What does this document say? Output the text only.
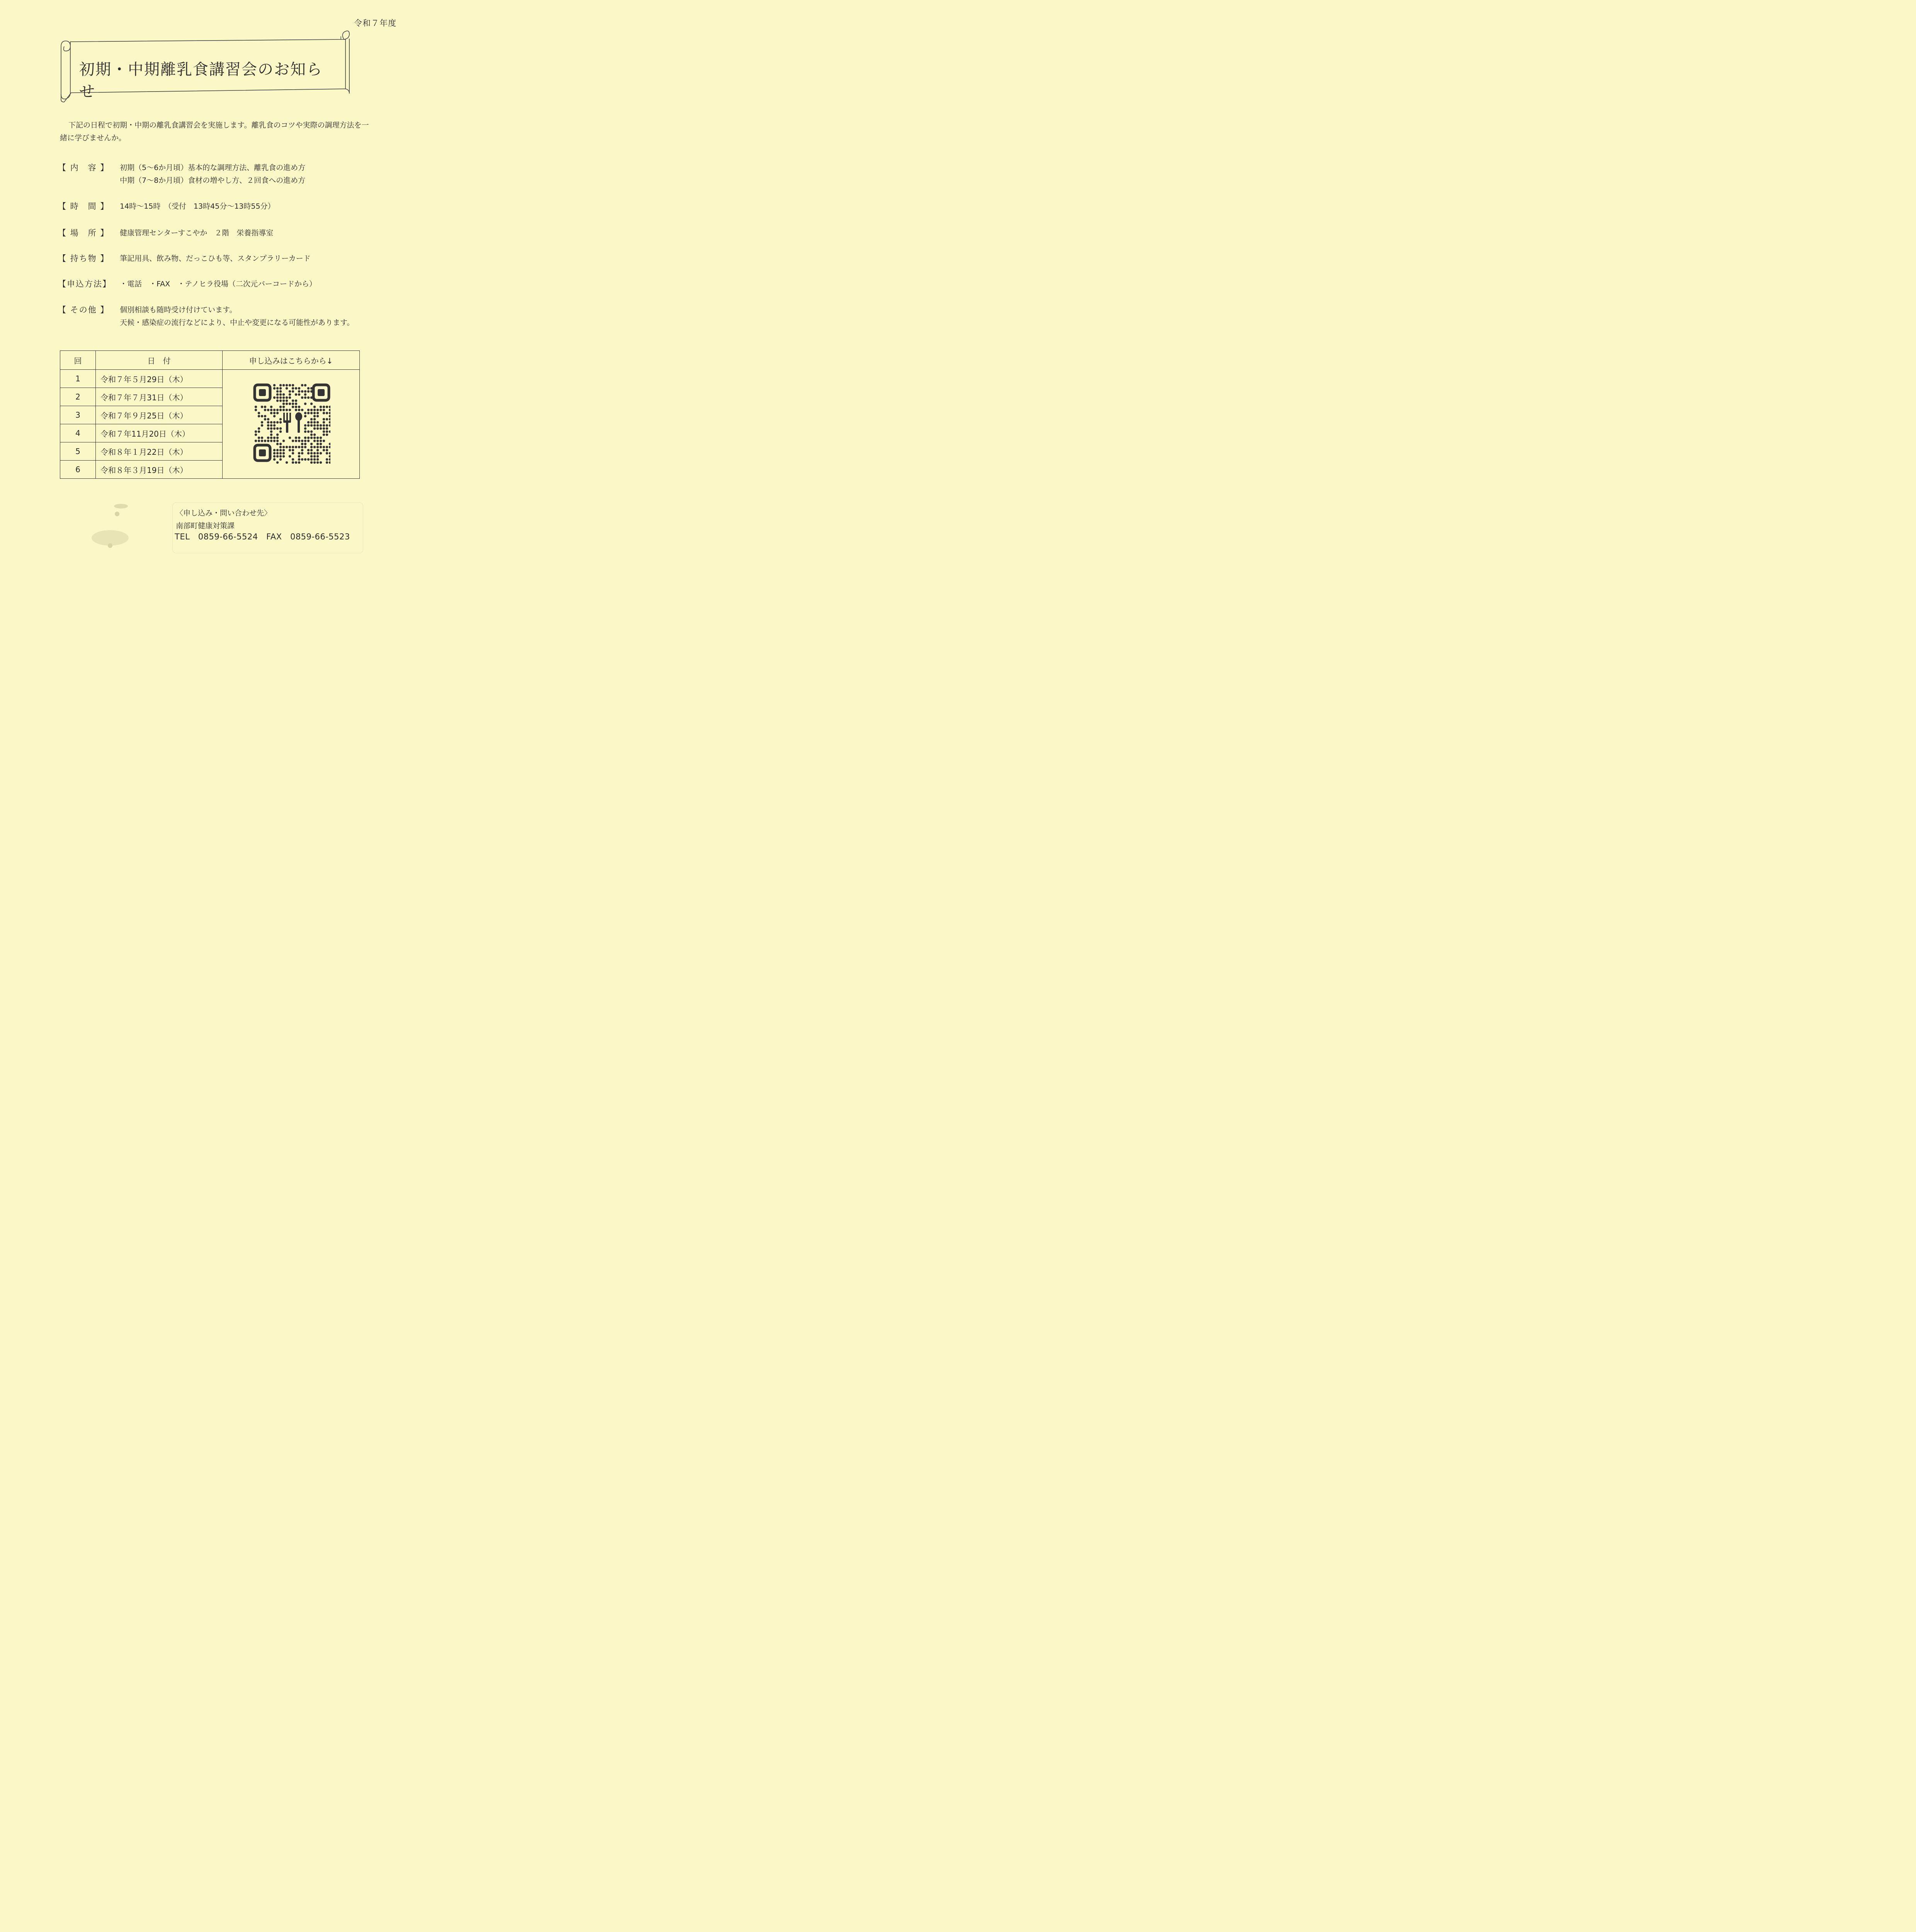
令和７年度
初期・中期離乳食講習会のお知らせ
下記の日程で初期・中期の離乳食講習会を実施します。離乳食のコツや実際の調理方法を一緒に学びませんか。
【 内　容 】 初期（5〜6か月頃）基本的な調理方法、離乳食の進め方
中期（7〜8か月頃）食材の増やし方、２回食への進め方
【 時　間 】 14時〜15時　（受付　13時45分〜13時55分）
【 場　所 】 健康管理センターすこやか　２階　栄養指導室
【 持ち物 】 筆記用具、飲み物、だっこひも等、スタンプラリーカード
【申込方法】 ・電話　・FAX　・テノヒラ役場（二次元バーコードから）
【 その他 】 個別相談も随時受け付けています。
天候・感染症の流行などにより、中止や変更になる可能性があります。
回	日　付	申し込みはこちらから↓
1	令和７年５月29日（木）	
2	令和７年７月31日（木）	
3	令和７年９月25日（木）	
4	令和７年11月20日（木）	
5	令和８年１月22日（木）	
6	令和８年３月19日（木）	
〈申し込み・問い合わせ先〉
南部町健康対策課
TEL　0859-66-5524　FAX　0859-66-5523
